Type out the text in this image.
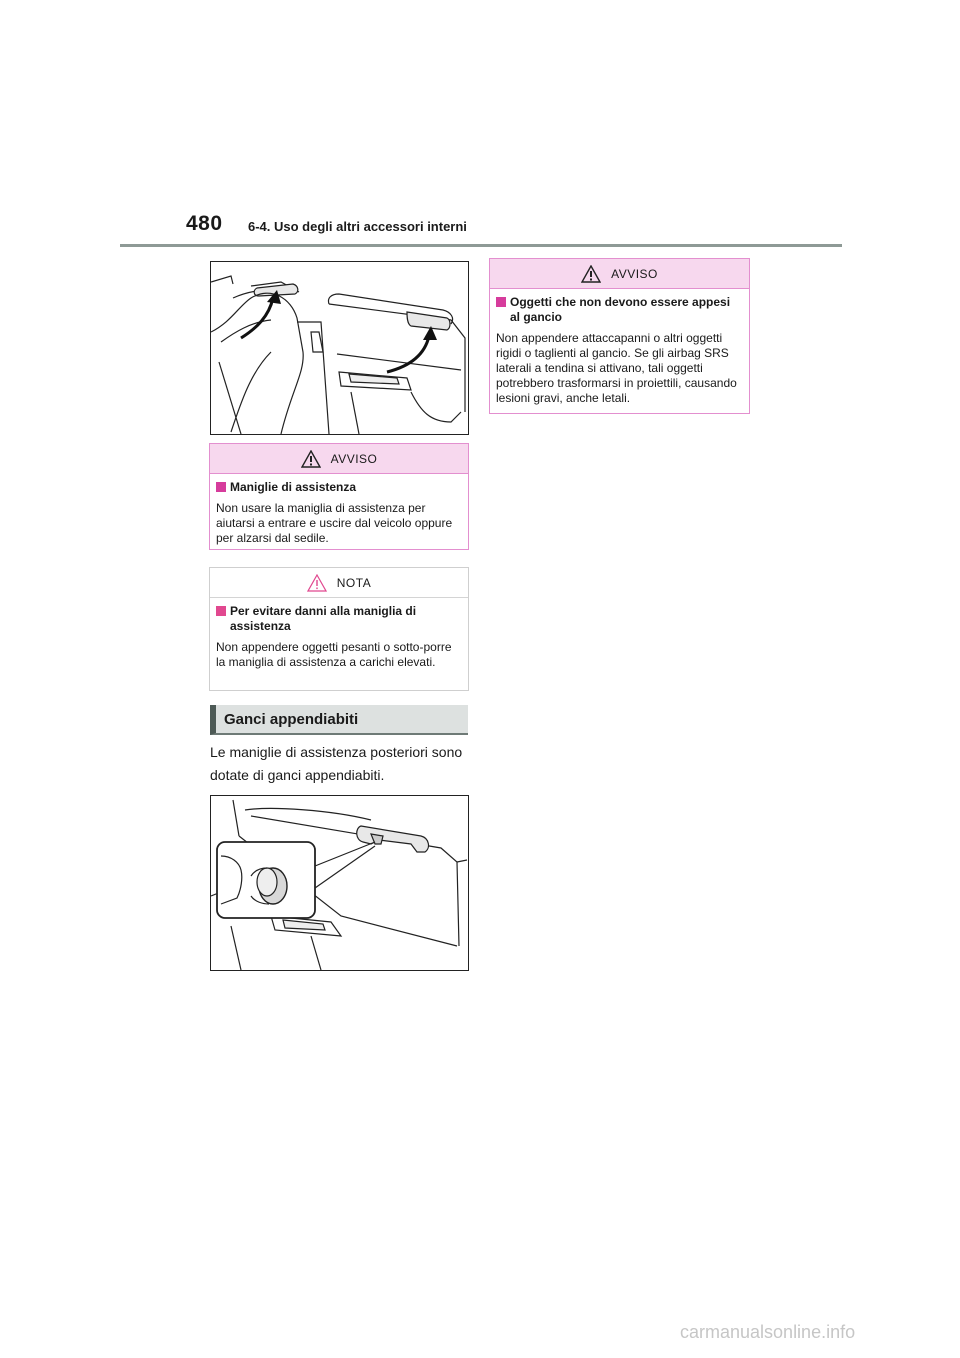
480 6-4. Uso degli altri accessori interni
AVVISO
Maniglie di assistenza
Non usare la maniglia di assistenza per aiutarsi a entrare e uscire dal veicolo oppure per alzarsi dal sedile.
NOTA
Per evitare danni alla maniglia di assistenza
Non appendere oggetti pesanti o sotto-porre la maniglia di assistenza a carichi elevati.
Ganci appendiabiti
Le maniglie di assistenza posteriori sono dotate di ganci appendiabiti.
AVVISO
Oggetti che non devono essere appesi al gancio
Non appendere attaccapanni o altri oggetti rigidi o taglienti al gancio. Se gli airbag SRS laterali a tendina si attivano, tali oggetti potrebbero trasformarsi in proiettili, causando lesioni gravi, anche letali.
carmanualsonline.info
